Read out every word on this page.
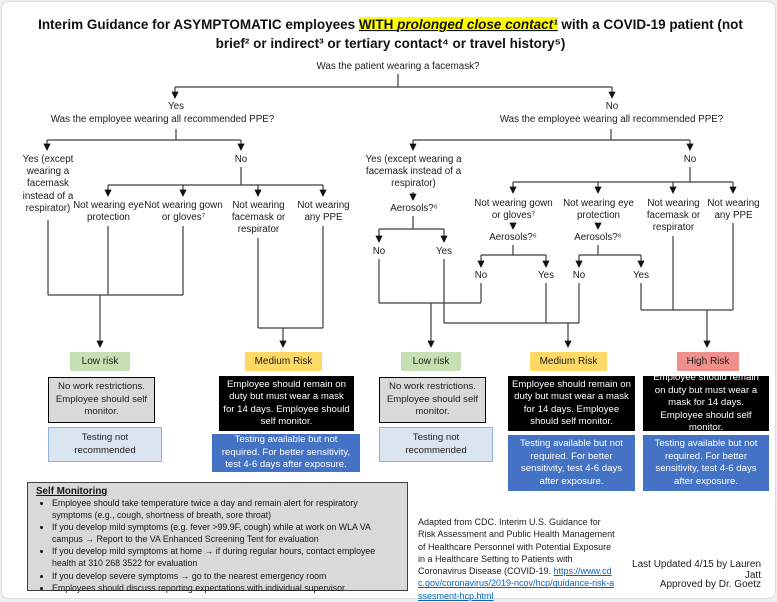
Interim Guidance for ASYMPTOMATIC employees WITH prolonged close contact¹ with a COVID-19 patient (not brief² or indirect³ or tertiary contact⁴ or travel history⁵)
Was the patient wearing a facemask?
Yes
Was the employee wearing all recommended PPE?
No
Was the employee wearing all recommended PPE?
Yes (except wearing a facemask instead of a respirator)
No
Not wearing eye protection
Not wearing gown or gloves⁷
Not wearing facemask or respirator
Not wearing any PPE
Yes (except wearing a facemask instead of a respirator)
No
Not wearing gown or gloves⁷
Not wearing eye protection
Not wearing facemask or respirator
Not wearing any PPE
Aerosols?⁶
Aerosols?⁶	Aerosols?⁶
No	Yes
No	Yes	No	Yes
Low risk	Medium Risk	Low risk	Medium Risk	High Risk
No work restrictions. Employee should self monitor.
Employee should remain on duty but must wear a mask for 14 days. Employee should self monitor.
No work restrictions. Employee should self monitor.
Employee should remain on duty but must wear a mask for 14 days. Employee should self monitor.
Employee should remain on duty but must wear a mask for 14 days. Employee should self monitor.
Testing not recommended
Testing available but not required. For better sensitivity, test 4-6 days after exposure.
Testing not recommended
Testing available but not required. For better sensitivity, test 4-6 days after exposure.
Testing available but not required. For better sensitivity, test 4-6 days after exposure.
Self Monitoring
• Employee should take temperature twice a day and remain alert for respiratory symptoms (e.g., cough, shortness of breath, sore throat)
• If you develop mild symptoms (e.g. fever >99.9F, cough) while at work on WLA VA campus → Report to the VA Enhanced Screening Tent for evaluation
• If you develop mild symptoms at home → if during regular hours, contact employee health at 310 268 3522 for evaluation
• If you develop severe symptoms → go to the nearest emergency room
• Employees should discuss reporting expectations with individual supervisor
Adapted from CDC. Interim U.S. Guidance for Risk Assessment and Public Health Management of Healthcare Personnel with Potential Exposure in a Healthcare Setting to Patients with Coronavirus Disease (COVID-19. https://www.cdc.gov/coronavirus/2019-ncov/hcp/guidance-risk-assesment-hcp.html
Last Updated 4/15 by Lauren Jatt
Approved by Dr. Goetz
